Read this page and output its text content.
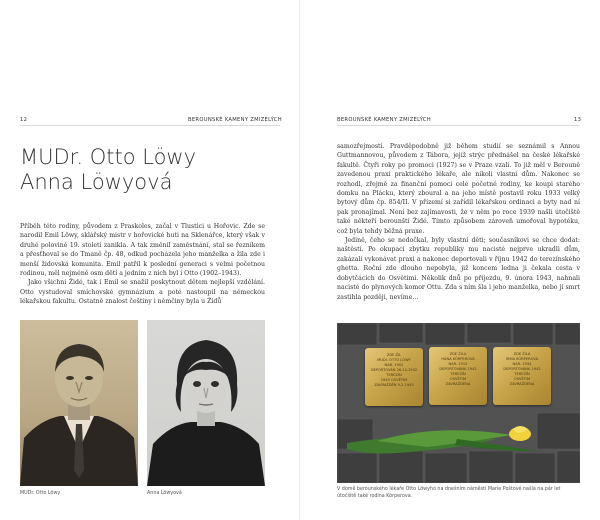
12	BEROUNSKÉ KAMENY ZMIZELÝCH
MUDr. Otto Löwy
Anna Löwyová

Příběh této rodiny, původem z Praskoles, začal v Tlustici u Hořovic. Zde se narodil Emil Löwy, sklářský mistr v hořovické huti na Sklenářce, který však v druhé polovině 19. století zanikla. A tak změnil zaměstnání, stal se řezníkem a přesťhoval se do Tmaně čp. 48, odkud pocházela jeho manželka a žila zde i menší židovská komunita. Emil patřil k poslední generaci s velmi početnou rodinou, měl nejméně osm dětí a jedním z nich byl i Otto (1902–1943).

Jako všichni Židé, tak i Emil se snažil poskytnout dětem nejlepší vzdělání. Otto vystudoval smíchovské gymnázium a poté nastoupil na německou lékařskou fakultu. Ostatně znalost češtiny i němčiny byla u Židů

MUDr. Otto Löwy	Anna Löwyová
BEROUNSKÉ KAMENY ZMIZELÝCH	13

samozřejmostí. Pravděpodobně již během studií se seznámil s Annou Guttmannovou, původem z Tábora, jejíž strýc přednášel na české lékařské fakultě. Čtyři roky po promoci (1927) se v Praze vzali. To již měl v Berouně zavedenou praxi praktického lékaře, ale nikoli vlastní dům. Nakonec se rozhodl, zřejmě za finanční pomoci celé početné rodiny, ke koupi starého domku na Plácku, který zboural a na jeho místě postavil roku 1933 velký bytový dům čp. 854/II. V přízemí si zařídil lékařskou ordinaci a byty nad ní pak pronajímal. Není bez zajímavosti, že v něm po roce 1939 našli útočiště také někteří berounští Židé. Tímto způsobem zároveň umořoval hypotéku, což byla tehdy běžná praxe.

Jedině, čeho se nedočkal, byly vlastní děti; současníkovi se chce dodat: naštěstí. Po okupaci zbytku republiky mu nacisté nejprve ukradli dům, zakázali vykonávat praxi a nakonec deportovali v říjnu 1942 do terezínského ghetta. Roční zde dlouho nepobyla, již koncem ledna ji čekala cesta v dobytčácích do Osvětimi. Několik dnů po příjezdu, 9. února 1943, nahnali nacisté do plynových komor Ottu. Zda s ním šla i jeho manželka, nebo ji smrt zastihla později, nevíme…

ZDE ŽIL
MUDr. OTTO LÖWY
NAR. 1902
DEPORTOVÁN 26.10.1942
TEREZÍN
1943 OSVĚTIM
ZAVRAŽDĚN 9.2.1943
ZDE ŽILA
HANA KÖRPEROVÁ
NAR. 1912
DEPORTOVÁNA 1942
TEREZÍN
OSVĚTIM
ZAVRAŽDĚNA
ZDE ŽILA
IRMA KÖRPEROVÁ
NAR. 1934
DEPORTOVÁNA 1942
TEREZÍN
OSVĚTIM
ZAVRAŽDĚNA
V domě berounského lékaře Otto Löwyho na dnešním náměstí Marie Poštové našla na pár let útočiště také rodina Körperova.
